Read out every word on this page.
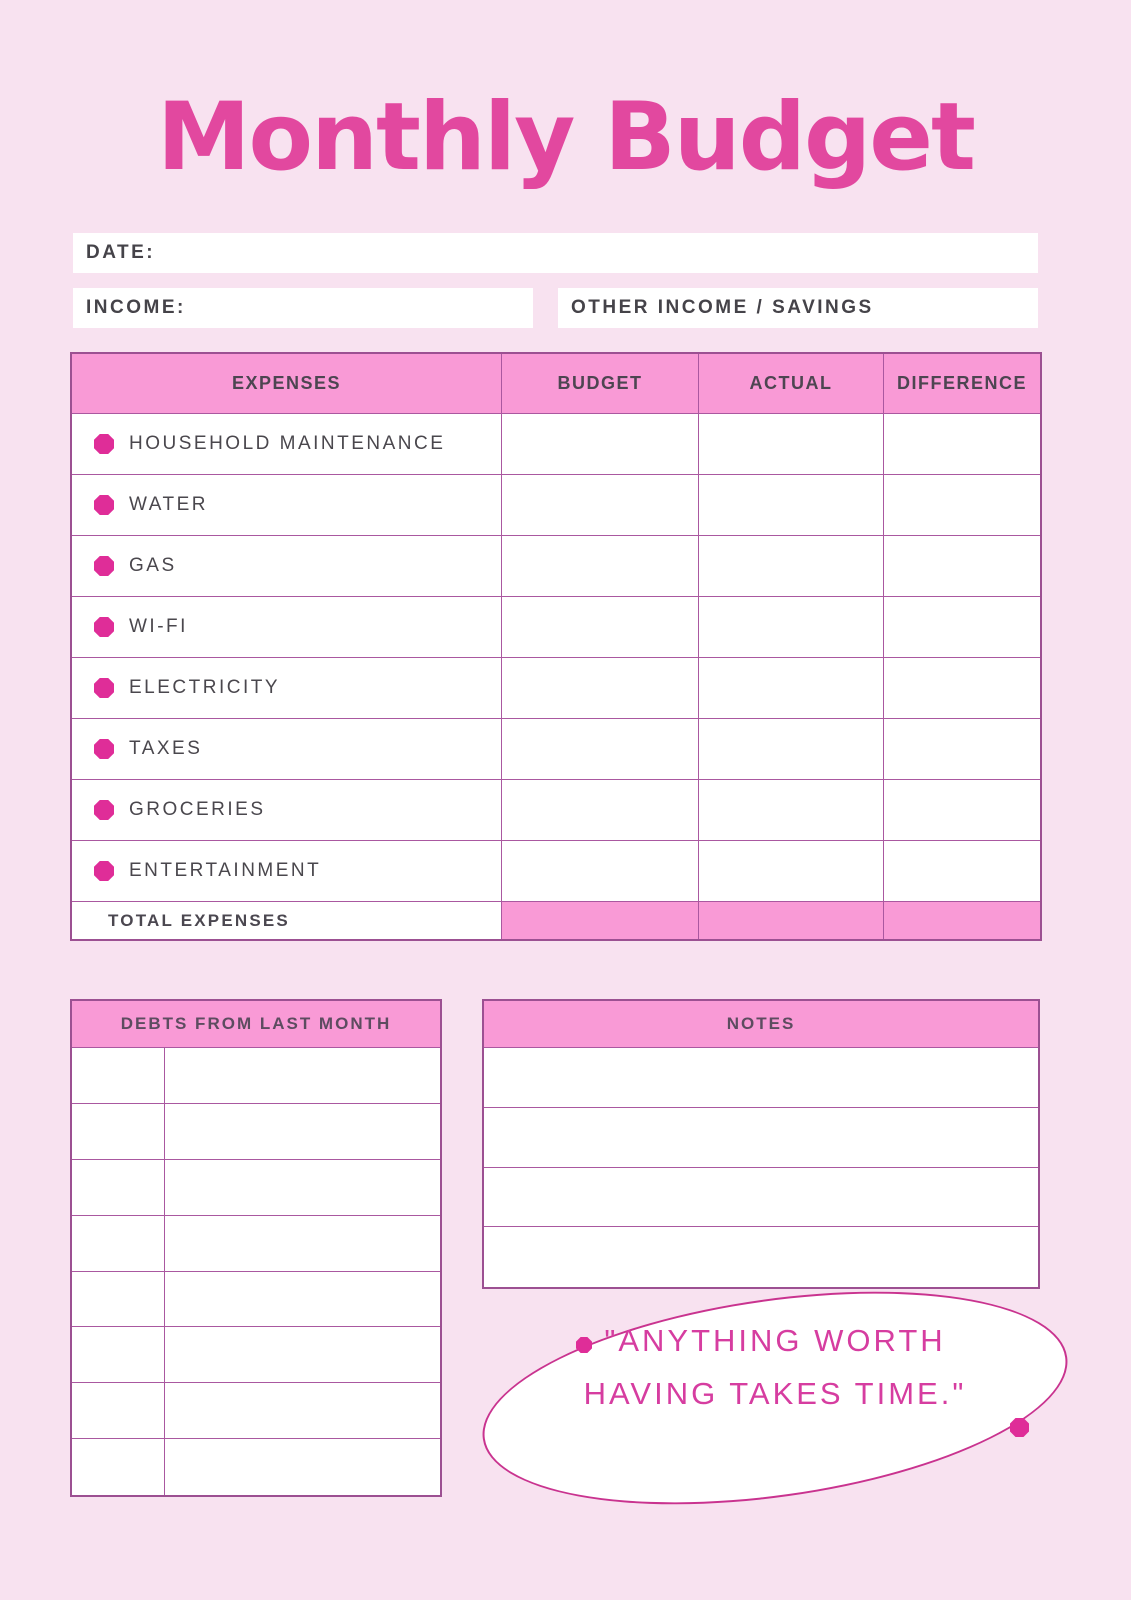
Monthly Budget
DATE:
INCOME:	OTHER INCOME / SAVINGS
EXPENSES	BUDGET	ACTUAL	DIFFERENCE
HOUSEHOLD MAINTENANCE
WATER
GAS
WI-FI
ELECTRICITY
TAXES
GROCERIES
ENTERTAINMENT
TOTAL EXPENSES
DEBTS FROM LAST MONTH	NOTES
"ANYTHING WORTH
HAVING TAKES TIME."
